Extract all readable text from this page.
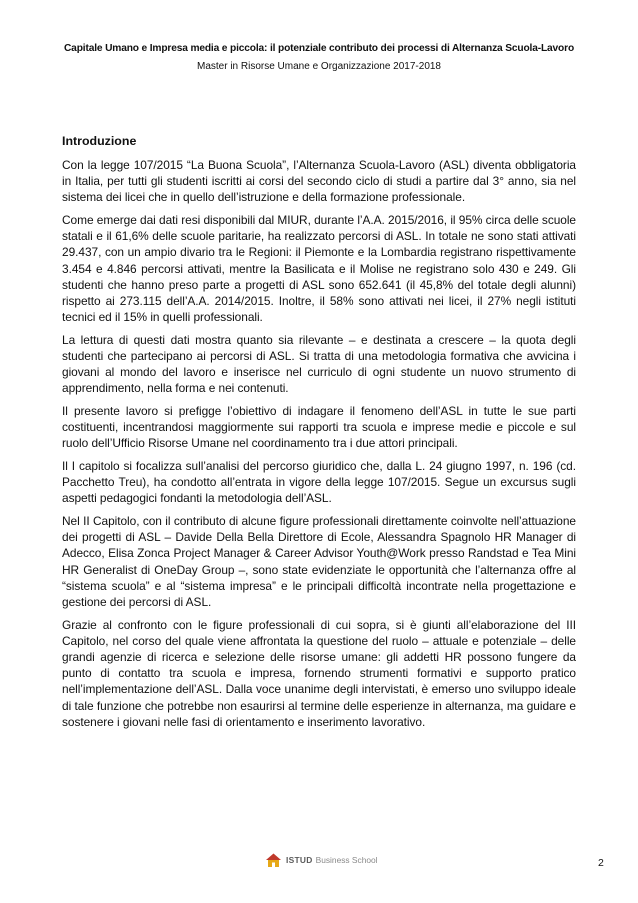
Capitale Umano e Impresa media e piccola: il potenziale contributo dei processi di Alternanza Scuola-Lavoro
Master in Risorse Umane e Organizzazione 2017-2018
Introduzione

Con la legge 107/2015 “La Buona Scuola”, l’Alternanza Scuola-Lavoro (ASL) diventa obbligatoria in Italia, per tutti gli studenti iscritti ai corsi del secondo ciclo di studi a partire dal 3° anno, sia nel sistema dei licei che in quello dell’istruzione e della formazione professionale.

Come emerge dai dati resi disponibili dal MIUR, durante l’A.A. 2015/2016, il 95% circa delle scuole statali e il 61,6% delle scuole paritarie, ha realizzato percorsi di ASL. In totale ne sono stati attivati 29.437, con un ampio divario tra le Regioni: il Piemonte e la Lombardia registrano rispettivamente 3.454 e 4.846 percorsi attivati, mentre la Basilicata e il Molise ne registrano solo 430 e 249. Gli studenti che hanno preso parte a progetti di ASL sono 652.641 (il 45,8% del totale degli alunni) rispetto ai 273.115 dell’A.A. 2014/2015. Inoltre, il 58% sono attivati nei licei, il 27% negli istituti tecnici ed il 15% in quelli professionali.

La lettura di questi dati mostra quanto sia rilevante – e destinata a crescere – la quota degli studenti che partecipano ai percorsi di ASL. Si tratta di una metodologia formativa che avvicina i giovani al mondo del lavoro e inserisce nel curriculo di ogni studente un nuovo strumento di apprendimento, nella forma e nei contenuti.

Il presente lavoro si prefigge l’obiettivo di indagare il fenomeno dell’ASL in tutte le sue parti costituenti, incentrandosi maggiormente sui rapporti tra scuola e imprese medie e piccole e sul ruolo dell’Ufficio Risorse Umane nel coordinamento tra i due attori principali.

Il I capitolo si focalizza sull’analisi del percorso giuridico che, dalla L. 24 giugno 1997, n. 196 (cd. Pacchetto Treu), ha condotto all’entrata in vigore della legge 107/2015. Segue un excursus sugli aspetti pedagogici fondanti la metodologia dell’ASL.

Nel II Capitolo, con il contributo di alcune figure professionali direttamente coinvolte nell’attuazione dei progetti di ASL – Davide Della Bella Direttore di Ecole, Alessandra Spagnolo HR Manager di Adecco, Elisa Zonca Project Manager & Career Advisor Youth@Work presso Randstad e Tea Mini HR Generalist di OneDay Group –, sono state evidenziate le opportunità che l’alternanza offre al “sistema scuola” e al “sistema impresa” e le principali difficoltà incontrate nella progettazione e gestione dei percorsi di ASL.

Grazie al confronto con le figure professionali di cui sopra, si è giunti all’elaborazione del III Capitolo, nel corso del quale viene affrontata la questione del ruolo – attuale e potenziale – delle grandi agenzie di ricerca e selezione delle risorse umane: gli addetti HR possono fungere da punto di contatto tra scuola e impresa, fornendo strumenti formativi e supporto pratico nell’implementazione dell’ASL. Dalla voce unanime degli intervistati, è emerso uno sviluppo ideale di tale funzione che potrebbe non esaurirsi al termine delle esperienze in alternanza, ma guidare e sostenere i giovani nelle fasi di orientamento e inserimento lavorativo.

ISTUD Business School	2
